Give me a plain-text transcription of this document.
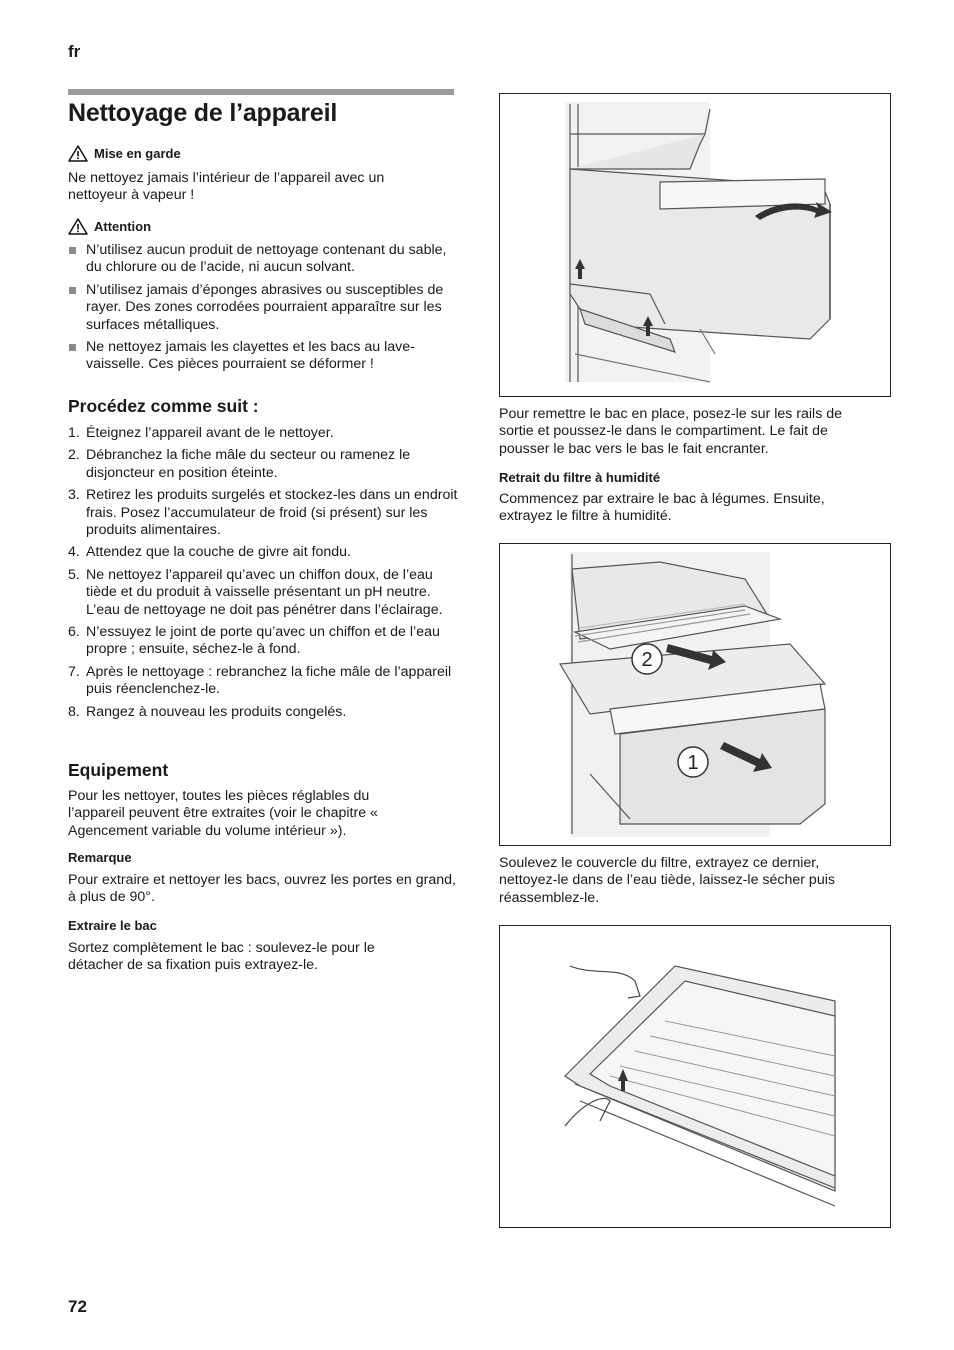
fr
Nettoyage de l’appareil
Mise en garde

Ne nettoyez jamais l’intérieur de l’appareil avec un nettoyeur à vapeur !

Attention
N’utilisez aucun produit de nettoyage contenant du sable, du chlorure ou de l’acide, ni aucun solvant.
N’utilisez jamais d’éponges abrasives ou susceptibles de rayer. Des zones corrodées pourraient apparaître sur les surfaces métalliques.
Ne nettoyez jamais les clayettes et les bacs au lave-vaisselle. Ces pièces pourraient se déformer !
Procédez comme suit :
1. Éteignez l’appareil avant de le nettoyer.
2. Débranchez la fiche mâle du secteur ou ramenez le disjoncteur en position éteinte.
3. Retirez les produits surgelés et stockez-les dans un endroit frais. Posez l’accumulateur de froid (si présent) sur les produits alimentaires.
4. Attendez que la couche de givre ait fondu.
5. Ne nettoyez l’appareil qu’avec un chiffon doux, de l’eau tiède et du produit à vaisselle présentant un pH neutre. L’eau de nettoyage ne doit pas pénétrer dans l’éclairage.
6. N’essuyez le joint de porte qu’avec un chiffon et de l’eau propre ; ensuite, séchez-le à fond.
7. Après le nettoyage : rebranchez la fiche mâle de l’appareil puis réenclenchez-le.
8. Rangez à nouveau les produits congelés.
Equipement

Pour les nettoyer, toutes les pièces réglables du l’appareil peuvent être extraites (voir le chapitre « Agencement variable du volume intérieur »).

Remarque

Pour extraire et nettoyer les bacs, ouvrez les portes en grand, à plus de 90°.

Extraire le bac

Sortez complètement le bac : soulevez-le pour le détacher de sa fixation puis extrayez-le.

72

Pour remettre le bac en place, posez-le sur les rails de sortie et poussez-le dans le compartiment. Le fait de pousser le bac vers le bas le fait encranter.

Retrait du filtre à humidité

Commencez par extraire le bac à légumes. Ensuite, extrayez le filtre à humidité.

2
1

Soulevez le couvercle du filtre, extrayez ce dernier, nettoyez-le dans de l’eau tiède, laissez-le sécher puis réassemblez-le.
